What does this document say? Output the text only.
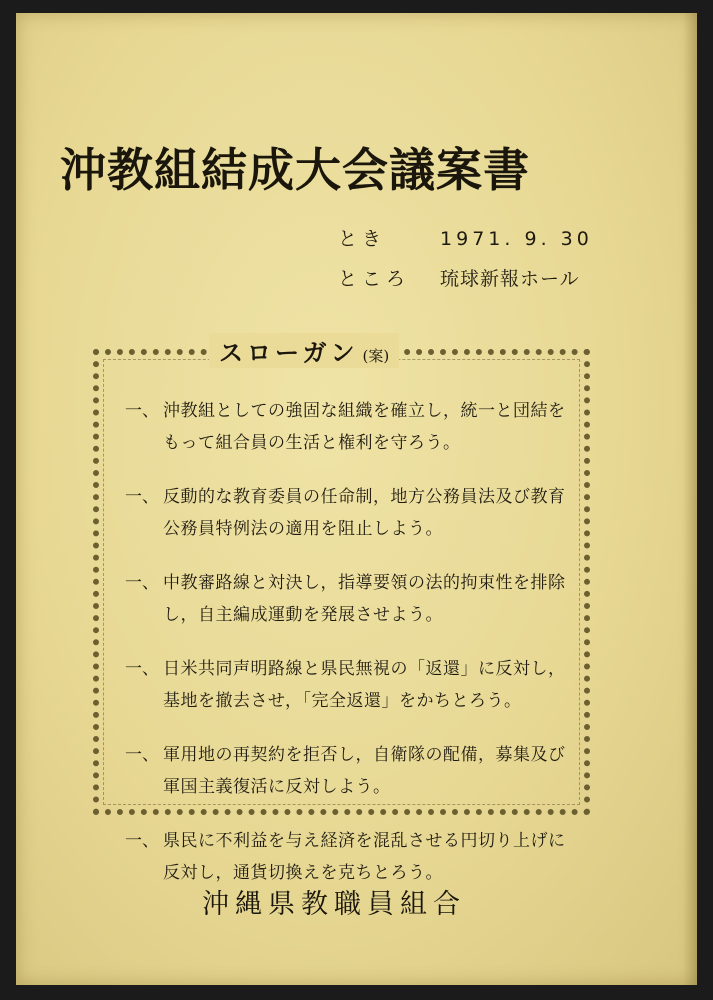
沖教組結成大会議案書
とき	1971. 9. 30
ところ 琉球新報ホール
スローガン (案)
一、 沖教組としての強固な組織を確立し，統一と団結を
もって組合員の生活と権利を守ろう。
一、 反動的な教育委員の任命制，地方公務員法及び教育
公務員特例法の適用を阻止しよう。
一、 中教審路線と対決し，指導要領の法的拘束性を排除
し，自主編成運動を発展させよう。
一、 日米共同声明路線と県民無視の「返還」に反対し，
基地を撤去させ，「完全返還」をかちとろう。
一、 軍用地の再契約を拒否し，自衛隊の配備，募集及び
軍国主義復活に反対しよう。
一、 県民に不利益を与え経済を混乱させる円切り上げに
反対し，通貨切換えを克ちとろう。
沖縄県教職員組合
